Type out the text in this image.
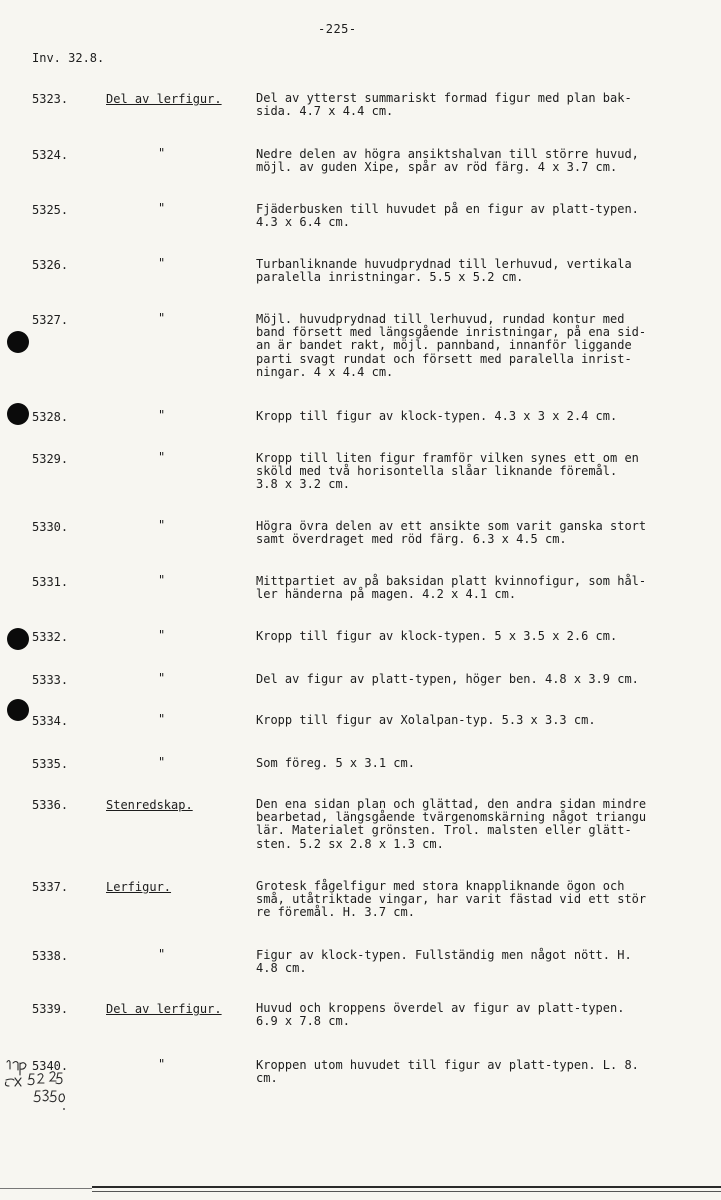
-225-
Inv. 32.8.
5323.	Del av lerfigur.	Del av ytterst summariskt formad figur med plan bak-
sida. 4.7 x 4.4 cm.
5324.	"	Nedre delen av högra ansiktshalvan till större huvud,
möjl. av guden Xipe, spår av röd färg. 4 x 3.7 cm.
5325.	"	Fjäderbusken till huvudet på en figur av platt-typen.
4.3 x 6.4 cm.
5326.	"	Turbanliknande huvudprydnad till lerhuvud, vertikala
paralella inristningar. 5.5 x 5.2 cm.
5327.	"	Möjl. huvudprydnad till lerhuvud, rundad kontur med
band försett med längsgående inristningar, på ena sid-
an är bandet rakt, möjl. pannband, innanför liggande
parti svagt rundat och försett med paralella inrist-
ningar. 4 x 4.4 cm.
5328.	"	Kropp till figur av klock-typen. 4.3 x 3 x 2.4 cm.
5329.	"	Kropp till liten figur framför vilken synes ett om en
sköld med två horisontella slåar liknande föremål.
3.8 x 3.2 cm.
5330.	"	Högra övra delen av ett ansikte som varit ganska stort
samt överdraget med röd färg. 6.3 x 4.5 cm.
5331.	"	Mittpartiet av på baksidan platt kvinnofigur, som hål-
ler händerna på magen. 4.2 x 4.1 cm.
5332.	"	Kropp till figur av klock-typen. 5 x 3.5 x 2.6 cm.
5333.	"	Del av figur av platt-typen, höger ben. 4.8 x 3.9 cm.
5334.	"	Kropp till figur av Xolalpan-typ. 5.3 x 3.3 cm.
5335.	"	Som föreg. 5 x 3.1 cm.
5336.	Stenredskap.	Den ena sidan plan och glättad, den andra sidan mindre
bearbetad, längsgående tvärgenomskärning något triangu
lär. Materialet grönsten. Trol. malsten eller glätt-
sten. 5.2 sx 2.8 x 1.3 cm.
5337.	Lerfigur.	Grotesk fågelfigur med stora knappliknande ögon och
små, utåtriktade vingar, har varit fästad vid ett stör
re föremål. H. 3.7 cm.
5338.	"	Figur av klock-typen. Fullständig men något nött. H.
4.8 cm.
5339.	Del av lerfigur.	Huvud och kroppens överdel av figur av platt-typen.
6.9 x 7.8 cm.
5340.	"	Kroppen utom huvudet till figur av platt-typen. L. 8.
cm.
